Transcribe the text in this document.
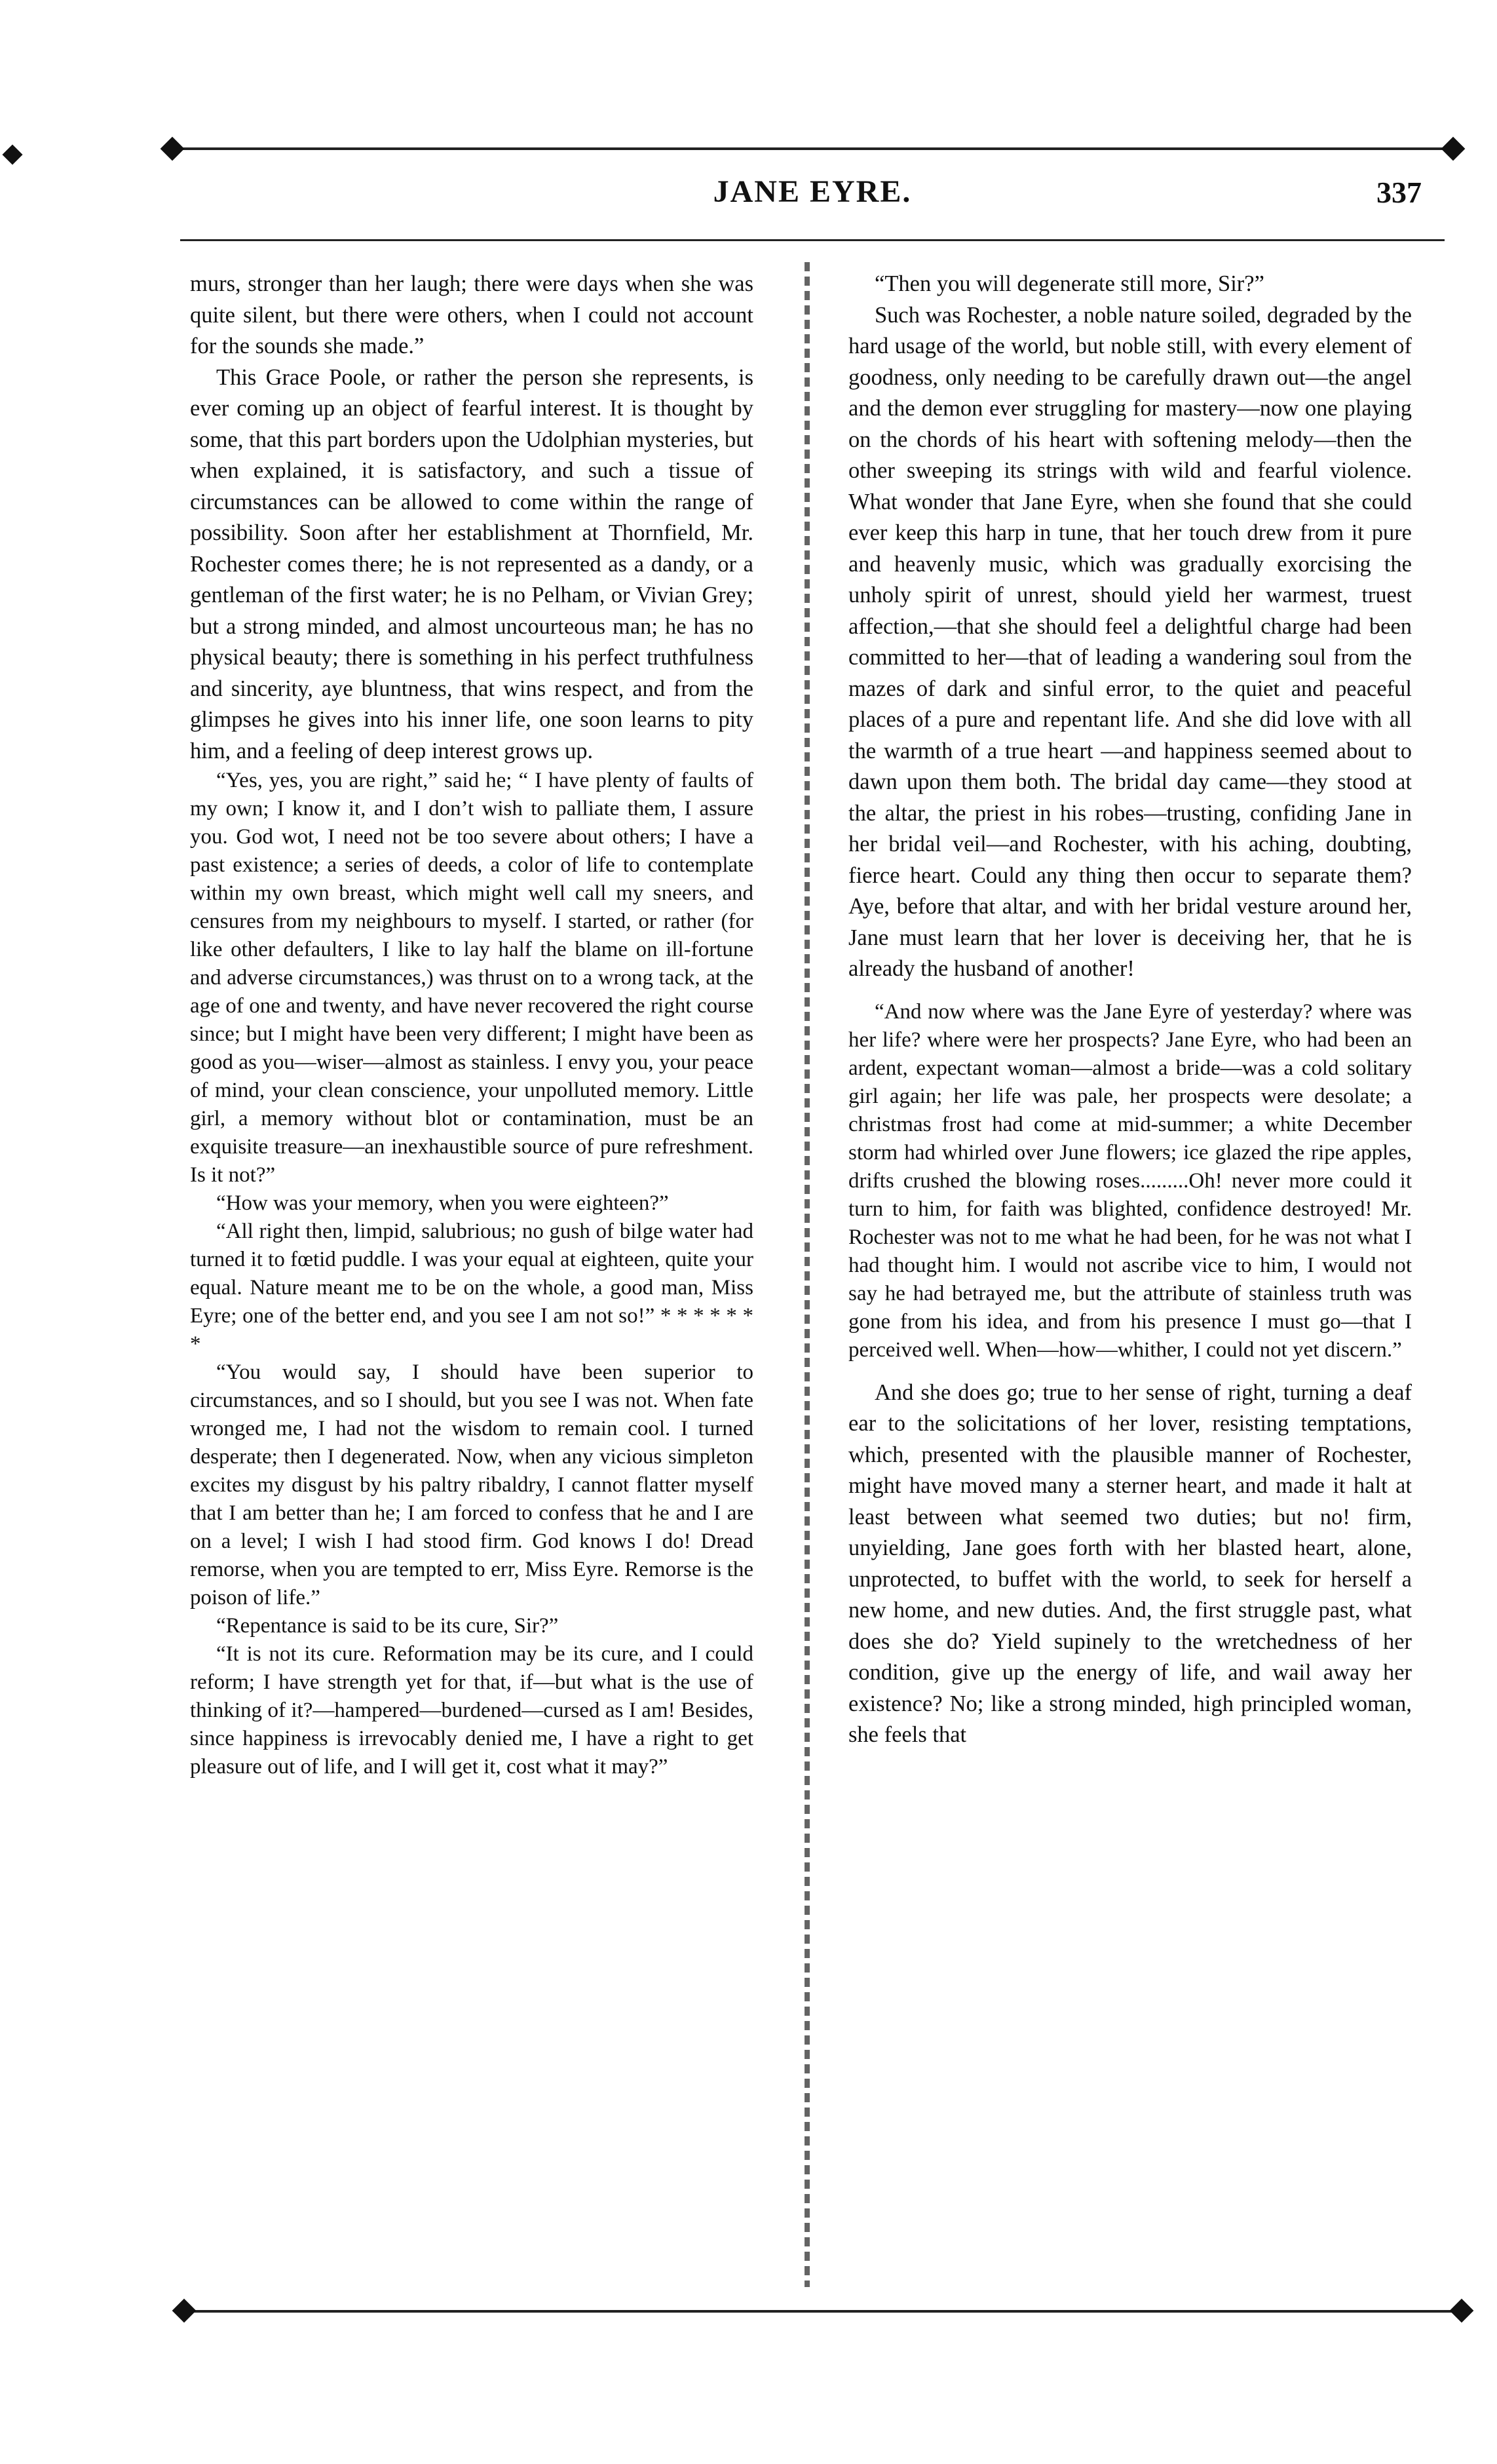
JANE EYRE.	337

murs, stronger than her laugh; there were days when she was quite silent, but there were others, when I could not account for the sounds she made.”

This Grace Poole, or rather the person she represents, is ever coming up an object of fearful interest. It is thought by some, that this part borders upon the Udolphian mysteries, but when explained, it is satisfactory, and such a tissue of circumstances can be allowed to come within the range of possibility. Soon after her establishment at Thornfield, Mr. Rochester comes there; he is not represented as a dandy, or a gentleman of the first water; he is no Pelham, or Vivian Grey; but a strong minded, and almost uncourteous man; he has no physical beauty; there is something in his perfect truthfulness and sincerity, aye bluntness, that wins respect, and from the glimpses he gives into his inner life, one soon learns to pity him, and a feeling of deep interest grows up.

“Yes, yes, you are right,” said he; “ I have plenty of faults of my own; I know it, and I don’t wish to palliate them, I assure you. God wot, I need not be too severe about others; I have a past existence; a series of deeds, a color of life to contemplate within my own breast, which might well call my sneers, and censures from my neighbours to myself. I started, or rather (for like other defaulters, I like to lay half the blame on ill-fortune and adverse circumstances,) was thrust on to a wrong tack, at the age of one and twenty, and have never recovered the right course since; but I might have been very different; I might have been as good as you—wiser—almost as stainless. I envy you, your peace of mind, your clean conscience, your unpolluted memory. Little girl, a memory without blot or contamination, must be an exquisite treasure—an inexhaustible source of pure refreshment. Is it not?”

“How was your memory, when you were eighteen?”

“All right then, limpid, salubrious; no gush of bilge water had turned it to fœtid puddle. I was your equal at eighteen, quite your equal. Nature meant me to be on the whole, a good man, Miss Eyre; one of the better end, and you see I am not so!” * * * * * * *

“You would say, I should have been superior to circumstances, and so I should, but you see I was not. When fate wronged me, I had not the wisdom to remain cool. I turned desperate; then I degenerated. Now, when any vicious simpleton excites my disgust by his paltry ribaldry, I cannot flatter myself that I am better than he; I am forced to confess that he and I are on a level; I wish I had stood firm. God knows I do! Dread remorse, when you are tempted to err, Miss Eyre. Remorse is the poison of life.”

“Repentance is said to be its cure, Sir?”

“It is not its cure. Reformation may be its cure, and I could reform; I have strength yet for that, if—but what is the use of thinking of it?—hampered—burdened—cursed as I am! Besides, since happiness is irrevocably denied me, I have a right to get pleasure out of life, and I will get it, cost what it may?”

“Then you will degenerate still more, Sir?”

Such was Rochester, a noble nature soiled, degraded by the hard usage of the world, but noble still, with every element of goodness, only needing to be carefully drawn out—the angel and the demon ever struggling for mastery—now one playing on the chords of his heart with softening melody—then the other sweeping its strings with wild and fearful violence. What wonder that Jane Eyre, when she found that she could ever keep this harp in tune, that her touch drew from it pure and heavenly music, which was gradually exorcising the unholy spirit of unrest, should yield her warmest, truest affection,—that she should feel a delightful charge had been committed to her—that of leading a wandering soul from the mazes of dark and sinful error, to the quiet and peaceful places of a pure and repentant life. And she did love with all the warmth of a true heart —and happiness seemed about to dawn upon them both. The bridal day came—they stood at the altar, the priest in his robes—trusting, confiding Jane in her bridal veil—and Rochester, with his aching, doubting, fierce heart. Could any thing then occur to separate them? Aye, before that altar, and with her bridal vesture around her, Jane must learn that her lover is deceiving her, that he is already the husband of another!

“And now where was the Jane Eyre of yesterday? where was her life? where were her prospects? Jane Eyre, who had been an ardent, expectant woman—almost a bride—was a cold solitary girl again; her life was pale, her prospects were desolate; a christmas frost had come at mid-summer; a white December storm had whirled over June flowers; ice glazed the ripe apples, drifts crushed the blowing roses.........Oh! never more could it turn to him, for faith was blighted, confidence destroyed! Mr. Rochester was not to me what he had been, for he was not what I had thought him. I would not ascribe vice to him, I would not say he had betrayed me, but the attribute of stainless truth was gone from his idea, and from his presence I must go—that I perceived well. When—how—whither, I could not yet discern.”

And she does go; true to her sense of right, turning a deaf ear to the solicitations of her lover, resisting temptations, which, presented with the plausible manner of Rochester, might have moved many a sterner heart, and made it halt at least between what seemed two duties; but no! firm, unyielding, Jane goes forth with her blasted heart, alone, unprotected, to buffet with the world, to seek for herself a new home, and new duties. And, the first struggle past, what does she do? Yield supinely to the wretchedness of her condition, give up the energy of life, and wail away her existence? No; like a strong minded, high principled woman, she feels that
